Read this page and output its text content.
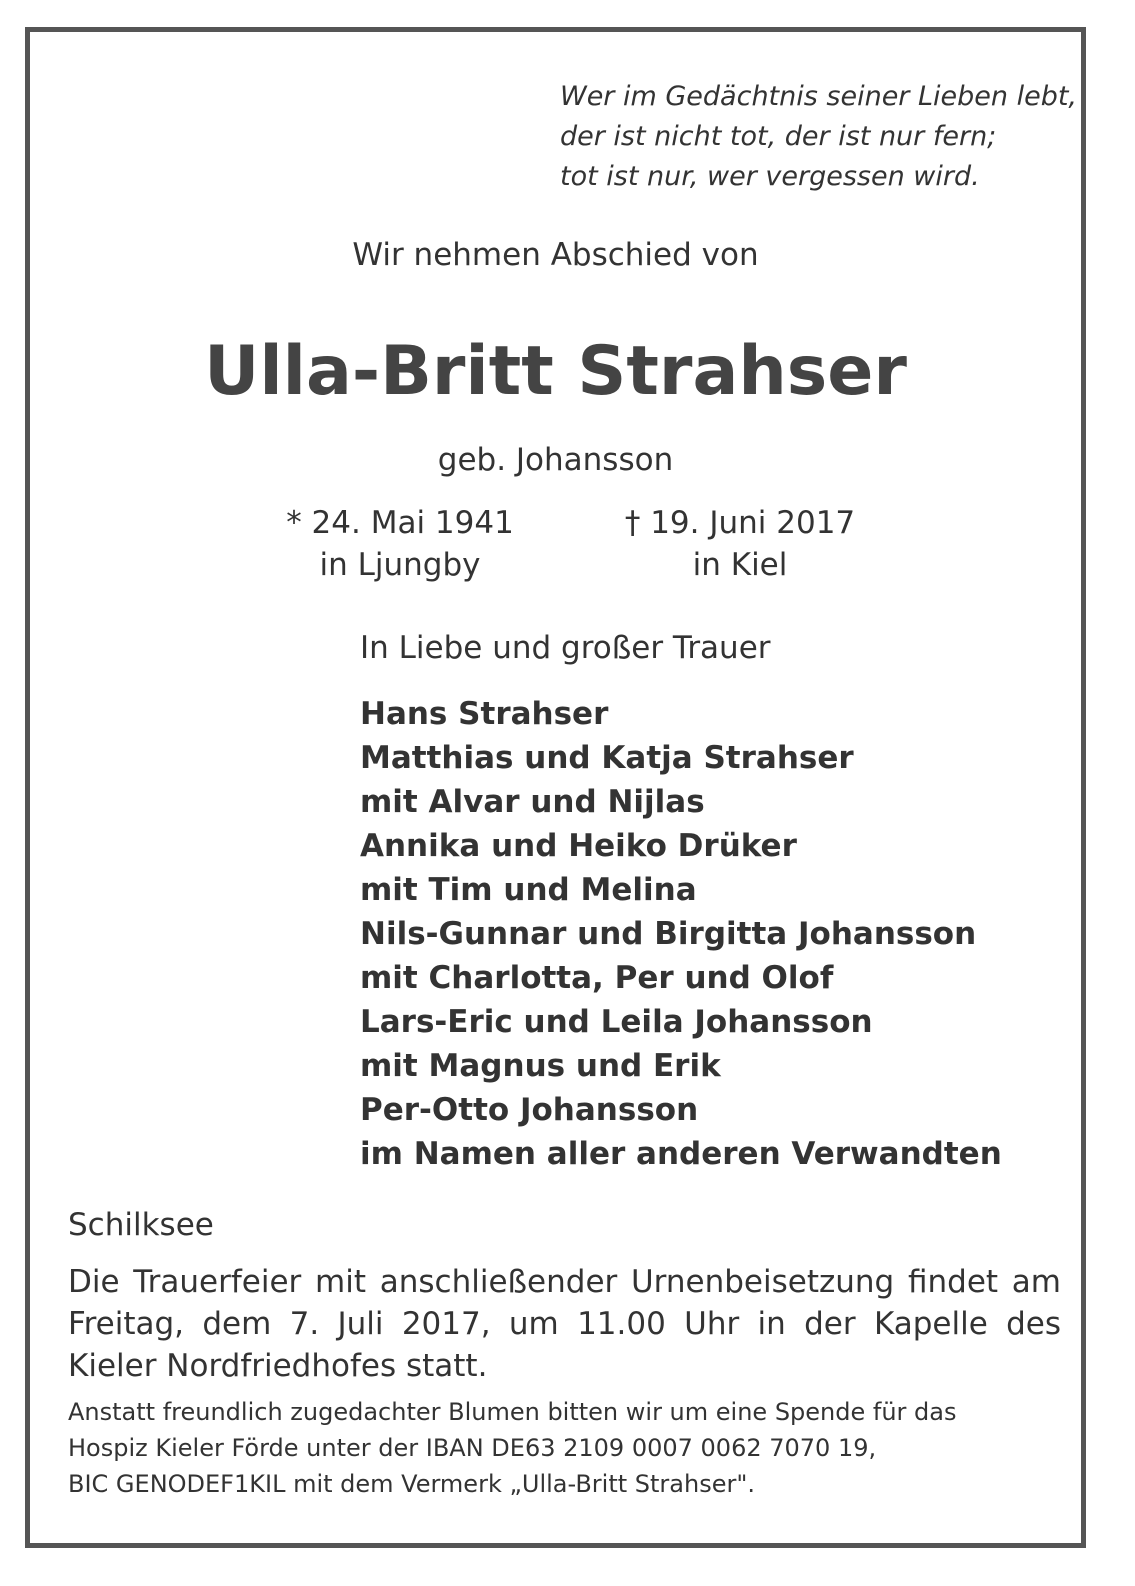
Wer im Gedächtnis seiner Lieben lebt,
der ist nicht tot, der ist nur fern;
tot ist nur, wer vergessen wird.
Wir nehmen Abschied von
Ulla-Britt Strahser
geb. Johansson
* 24. Mai 1941
in Ljungby
† 19. Juni 2017
in Kiel
In Liebe und großer Trauer
Hans Strahser
Matthias und Katja Strahser
mit Alvar und Nijlas
Annika und Heiko Drüker
mit Tim und Melina
Nils-Gunnar und Birgitta Johansson
mit Charlotta, Per und Olof
Lars-Eric und Leila Johansson
mit Magnus und Erik
Per-Otto Johansson
im Namen aller anderen Verwandten
Schilksee
Die Trauerfeier mit anschließender Urnenbeisetzung findet am Freitag, dem 7. Juli 2017, um 11.00 Uhr in der Kapelle des Kieler Nordfriedhofes statt.
Anstatt freundlich zugedachter Blumen bitten wir um eine Spende für das
Hospiz Kieler Förde unter der IBAN DE63 2109 0007 0062 7070 19,
BIC GENODEF1KIL mit dem Vermerk „Ulla-Britt Strahser".
